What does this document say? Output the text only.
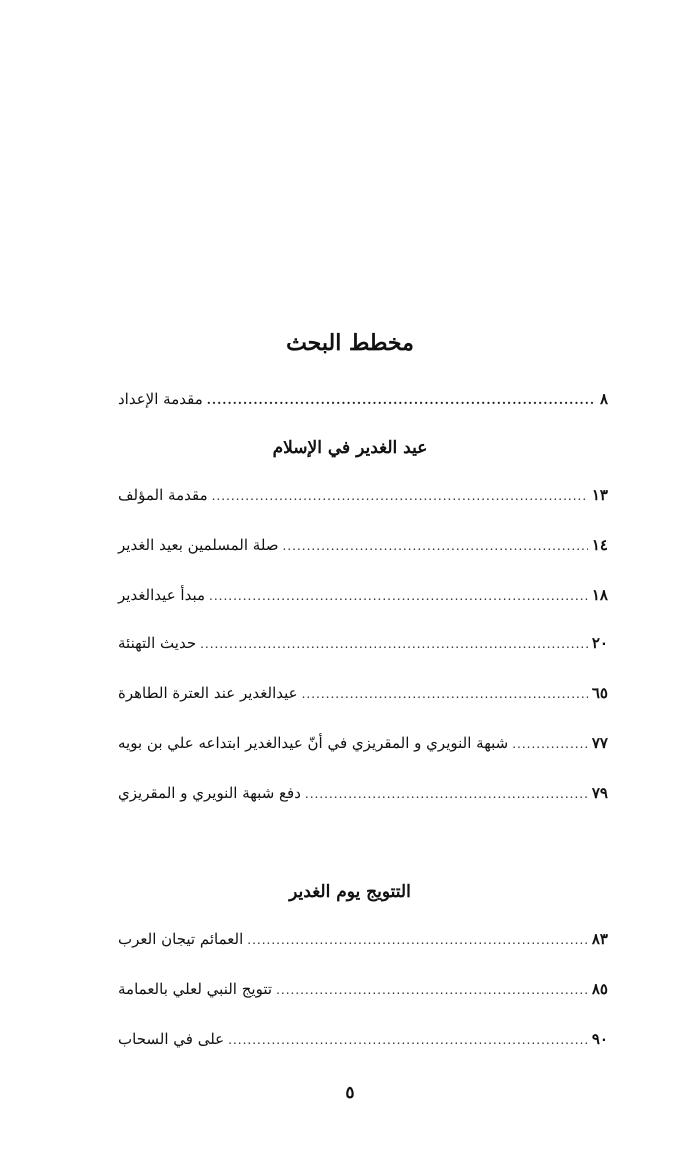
مخطط البحث
مقدمة الإعداد .....	۸
عيد الغدير في الإسلام
مقدمة المؤلف .....	۱۳
صلة المسلمين بعيد الغدير .....	۱٤
مبدأ عيدالغدير .....	۱۸
حديث التهنئة .....	۲۰
عيدالغدير عند العترة الطاهرة .....	٦٥
شبهة النويري و المقريزي في أنّ عيدالغدير ابتداعه علي بن بويه .....	۷۷
دفع شبهة النويري و المقريزي .....	۷۹
التتويج يوم الغدير
العمائم تيجان العرب .....	۸۳
تتويج النبي لعلي بالعمامة .....	۸٥
على في السحاب .....	۹۰
٥
